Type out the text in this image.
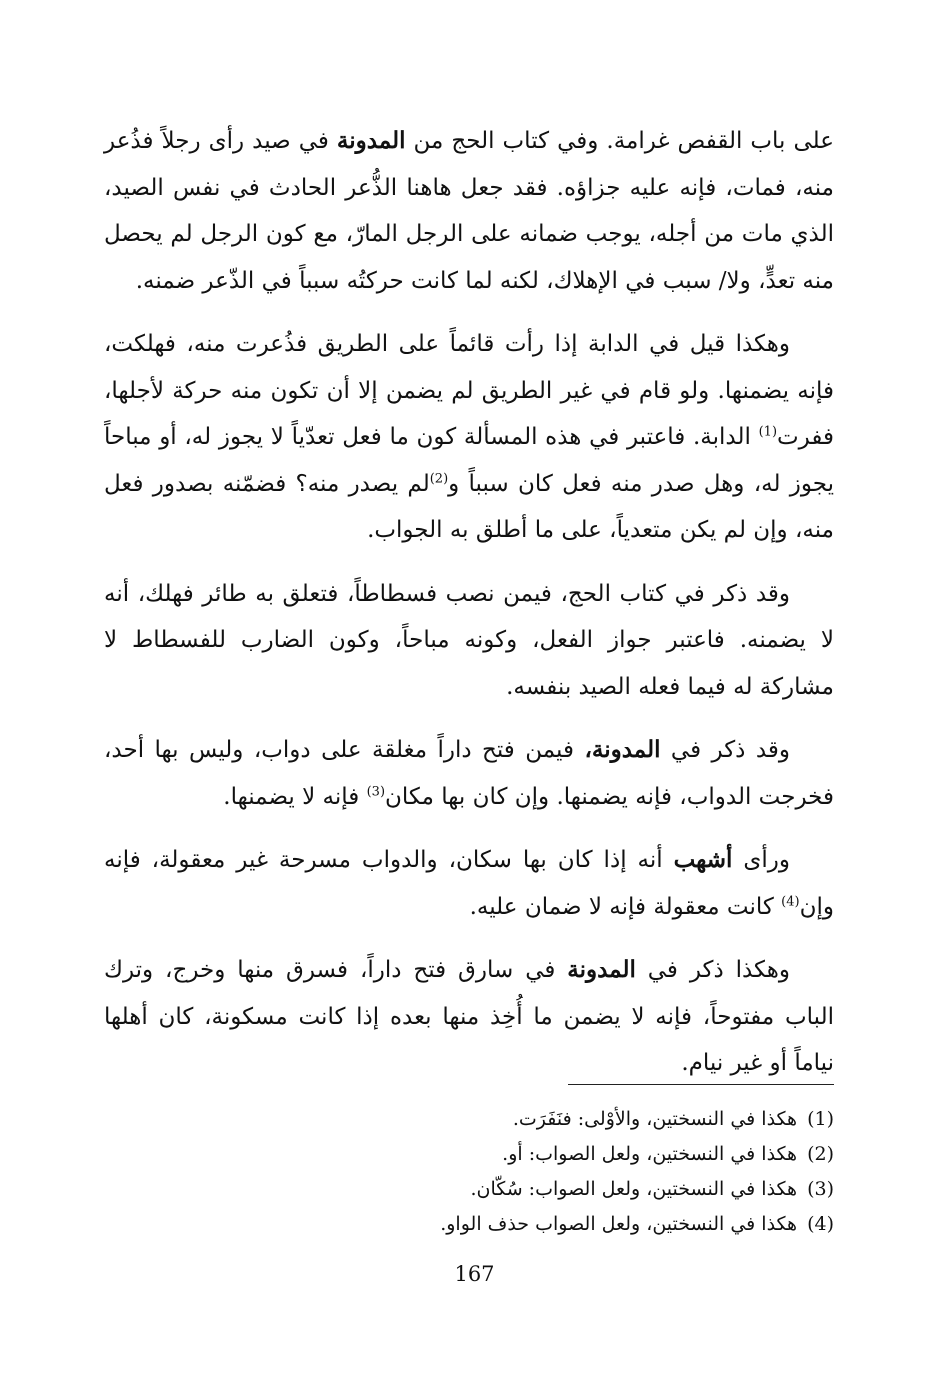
على باب القفص غرامة. وفي كتاب الحج من المدونة في صيد رأى رجلاً فذُعر منه، فمات، فإنه عليه جزاؤه. فقد جعل هاهنا الذُّعر الحادث في نفس الصيد، الذي مات من أجله، يوجب ضمانه على الرجل المارّ، مع كون الرجل لم يحصل منه تعدٍّ، ولا/ سبب في الإهلاك، لكنه لما كانت حركتُه سبباً في الذّعر ضمنه.

وهكذا قيل في الدابة إذا رأت قائماً على الطريق فذُعرت منه، فهلكت، فإنه يضمنها. ولو قام في غير الطريق لم يضمن إلا أن تكون منه حركة لأجلها، ففرت$^{(1)}$ الدابة. فاعتبر في هذه المسألة كون ما فعل تعدّياً لا يجوز له، أو مباحاً يجوز له، وهل صدر منه فعل كان سبباً و$^{(2)}$لم يصدر منه؟ فضمّنه بصدور فعل منه، وإن لم يكن متعدياً، على ما أطلق به الجواب.

وقد ذكر في كتاب الحج، فيمن نصب فسطاطاً، فتعلق به طائر فهلك، أنه لا يضمنه. فاعتبر جواز الفعل، وكونه مباحاً، وكون الضارب للفسطاط لا مشاركة له فيما فعله الصيد بنفسه.

وقد ذكر في المدونة، فيمن فتح داراً مغلقة على دواب، وليس بها أحد، فخرجت الدواب، فإنه يضمنها. وإن كان بها مكان$^{(3)}$ فإنه لا يضمنها.

ورأى أشهب أنه إذا كان بها سكان، والدواب مسرحة غير معقولة، فإنه وإن$^{(4)}$ كانت معقولة فإنه لا ضمان عليه.

وهكذا ذكر في المدونة في سارق فتح داراً، فسرق منها وخرج، وترك الباب مفتوحاً، فإنه لا يضمن ما أُخِذ منها بعده إذا كانت مسكونة، كان أهلها نياماً أو غير نيام.

(1)هكذا في النسختين، والأوْلى: فنَفَرَت.

(2)هكذا في النسختين، ولعل الصواب: أو.

(3)هكذا في النسختين، ولعل الصواب: سُكّان.

(4)هكذا في النسختين، ولعل الصواب حذف الواو.

167
